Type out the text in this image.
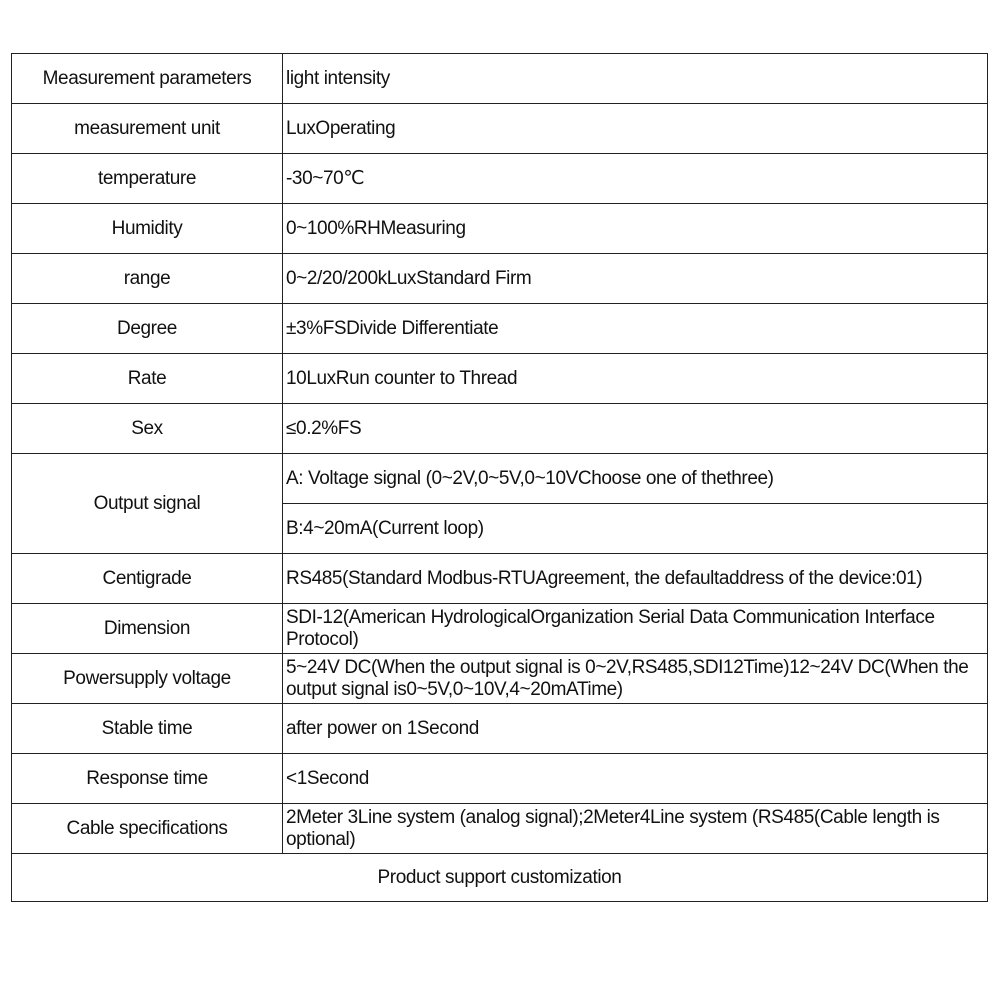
Measurement parameters	light intensity
measurement unit	LuxOperating
temperature	-30~70℃
Humidity	0~100%RHMeasuring
range	0~2/20/200kLuxStandard Firm
Degree	±3%FSDivide Differentiate
Rate	10LuxRun counter to Thread
Sex	≤0.2%FS
Output signal	A: Voltage signal (0~2V,0~5V,0~10VChoose one of thethree)
	B:4~20mA(Current loop)
Centigrade	RS485(Standard Modbus-RTUAgreement, the defaultaddress of the device:01)
Dimension	SDI-12(American HydrologicalOrganization Serial Data Communication Interface Protocol)
Powersupply voltage	5~24V DC(When the output signal is 0~2V,RS485,SDI12Time)12~24V DC(When the output signal is0~5V,0~10V,4~20mATime)
Stable time	after power on 1Second
Response time	<1Second
Cable specifications	2Meter 3Line system (analog signal);2Meter4Line system (RS485(Cable length is optional)
Product support customization	
